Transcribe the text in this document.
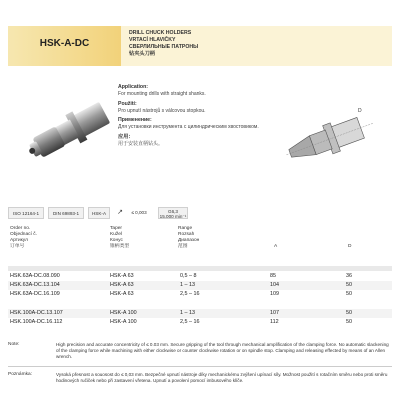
HSK-A-DC
DRILL CHUCK HOLDERS
VRTACÍ HLAVIČKY
СВЕРЛИЛЬНЫЕ ПАТРОНЫ
钻夹头刀柄
D
Application:
For mounting drills with straight shanks.
Použití:
Pro upnutí nástrojů s válcovou stopkou.
Применение:
Для установки инструмента с цилиндрическим хвостовиком.
应用：
用于安装直柄钻头。
ISO 12164-1	DIN 69893-1	HSK-A	↗	≤ 0,003	G6,3
15.000 min⁻¹
Order no.
Objednací č.
Артикул
订单号
Taper
Kužel
Конус
锥柄类型
Range
Rozsah
Диапазон
范围	A	D
HSK.63A-DC.08.090	HSK-A 63	0,5 – 8	85	36
HSK.63A-DC.13.104	HSK-A 63	1 – 13	104	50
HSK.63A-DC.16.109	HSK-A 63	2,5 – 16	109	50
HSK.100A-DC.13.107	HSK-A 100	1 – 13	107	50
HSK.100A-DC.16.112	HSK-A 100	2,5 – 16	112	50
Note:	High precision and accurate concentricity of ≤ 0.03 mm. Secure gripping of the tool through mechanical amplification of the clamping force. No automatic slackening of the clamping force while machining with either clockwise or counter clockwise rotation or on spindle stop. Clamping and releasing effected by means of an Allen wrench.
Poznámka:	Vysoká přesnost a souosost do ≤ 0,03 mm. Bezpečné upnutí nástroje díky mechanickému zvýšení upínací síly. Možnost použití s rotačním směru nebo proti směru hodinových ručiček nebo při zastavení vřetena. Upnutí a povolení pomocí imbusového klíče.
